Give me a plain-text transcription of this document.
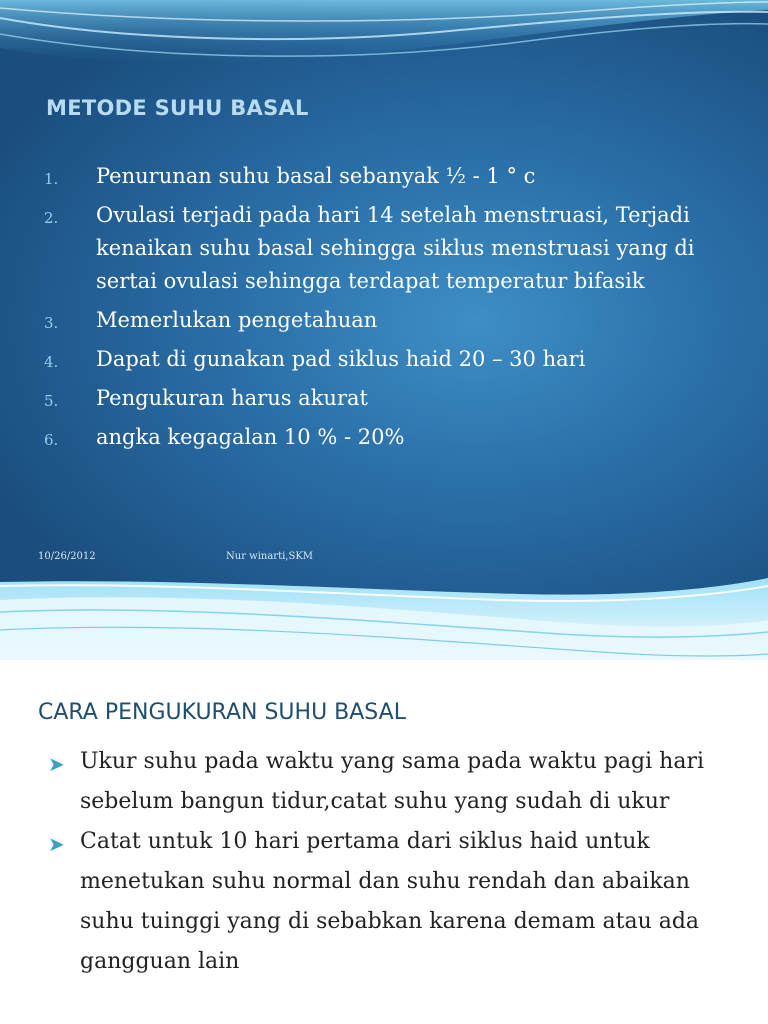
METODE SUHU BASAL
1.	Penurunan suhu basal sebanyak ½ - 1 ° c
2.	Ovulasi terjadi pada hari 14 setelah menstruasi, Terjadi kenaikan suhu basal sehingga siklus menstruasi yang di sertai ovulasi sehingga terdapat temperatur bifasik
3.	Memerlukan pengetahuan
4.	Dapat di gunakan pad siklus haid 20 – 30 hari
5.	Pengukuran harus akurat
6.	angka kegagalan 10 % - 20%
10/26/2012	Nur winarti,SKM
CARA PENGUKURAN SUHU BASAL
➤ Ukur suhu pada waktu yang sama pada waktu pagi hari sebelum bangun tidur,catat suhu yang sudah di ukur
➤ Catat untuk 10 hari pertama dari siklus haid untuk menetukan suhu normal dan suhu rendah dan abaikan suhu tuinggi yang di sebabkan karena demam atau ada gangguan lain
